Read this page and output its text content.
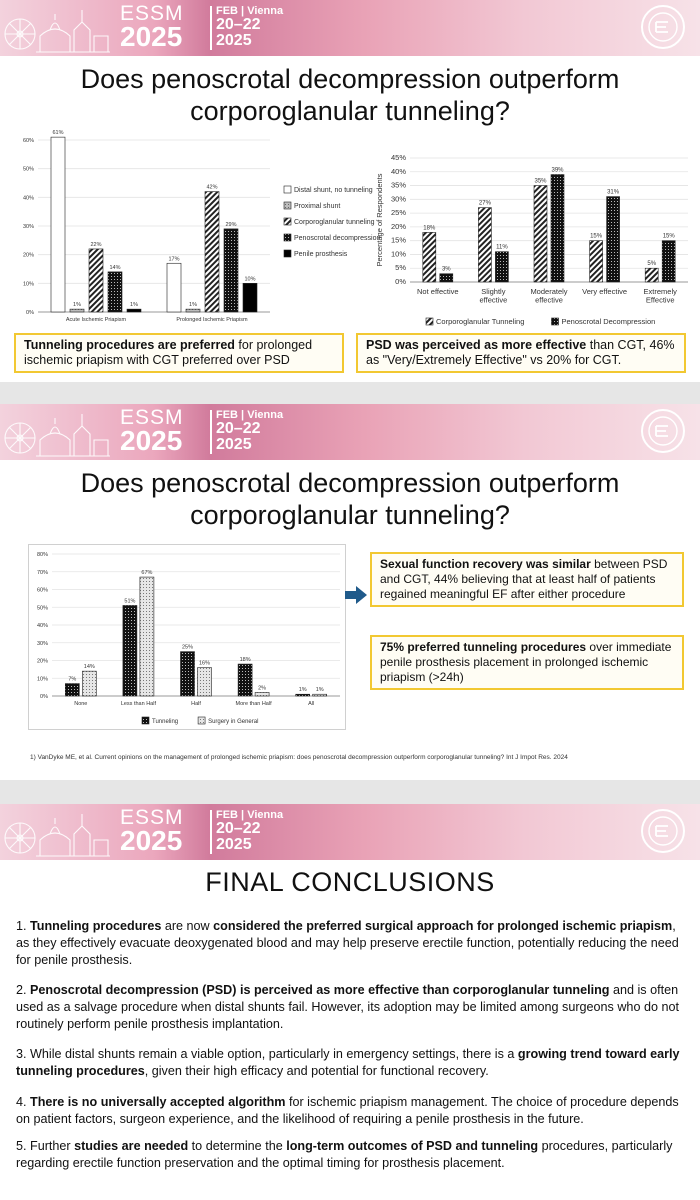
ESSM
2025
FEB | Vienna
20–22
2025
Does penoscrotal decompression outperform corporoglanular tunneling?
0%
10%
20%
30%
40%
50%
60%
61%
1%
22%
14%
1%
Acute Ischemic Priapism
17%
1%
42%
29%
10%
Prolonged Ischemic Priapism
Distal shunt, no tunneling
Proximal shunt
Corporoglanular tunneling
Penoscrotal decompression
Penile prosthesis
0%
5%
10%
15%
20%
25%
30%
35%
40%
45%
Percentage of Respondents	18%
3%
Not effective
27%
11%
Slightly
effective
35%
39%
Moderately
effective
15%
31%
Very effective
5%
15%
Extremely
Effective
Corporoglanular Tunneling	Penoscrotal Decompression
Tunneling procedures are preferred for prolonged ischemic priapism with CGT preferred over PSD
PSD was perceived as more effective than CGT, 46% as "Very/Extremely Effective" vs 20% for CGT.
ESSM
2025
FEB | Vienna
20–22
2025
Does penoscrotal decompression outperform corporoglanular tunneling?
0%
10%
20%
30%
40%
50%
60%
70%
80%
7%
14%
None
51%
67%
Less than Half
25%
16%
Half
18%
2%
More than Half
1% 1%
All
Tunneling	Surgery in General
Sexual function recovery was similar between PSD and CGT, 44% believing that at least half of patients regained meaningful EF after either procedure
75% preferred tunneling procedures over immediate penile prosthesis placement in prolonged ischemic priapism (>24h)
1) VanDyke ME, et al. Current opinions on the management of prolonged ischemic priapism: does penoscrotal decompression outperform corporoglanular tunneling? Int J Impot Res. 2024
ESSM
2025
FEB | Vienna
20–22
2025
FINAL CONCLUSIONS
1. Tunneling procedures are now considered the preferred surgical approach for prolonged ischemic priapism, as they effectively evacuate deoxygenated blood and may help preserve erectile function, potentially reducing the need for penile prosthesis.
2. Penoscrotal decompression (PSD) is perceived as more effective than corporoglanular tunneling and is often used as a salvage procedure when distal shunts fail. However, its adoption may be limited among surgeons who do not routinely perform penile prosthesis implantation.
3. While distal shunts remain a viable option, particularly in emergency settings, there is a growing trend toward early tunneling procedures, given their high efficacy and potential for functional recovery.
4. There is no universally accepted algorithm for ischemic priapism management. The choice of procedure depends on patient factors, surgeon experience, and the likelihood of requiring a penile prosthesis in the future.
5. Further studies are needed to determine the long-term outcomes of PSD and tunneling procedures, particularly regarding erectile function preservation and the optimal timing for prosthesis placement.
